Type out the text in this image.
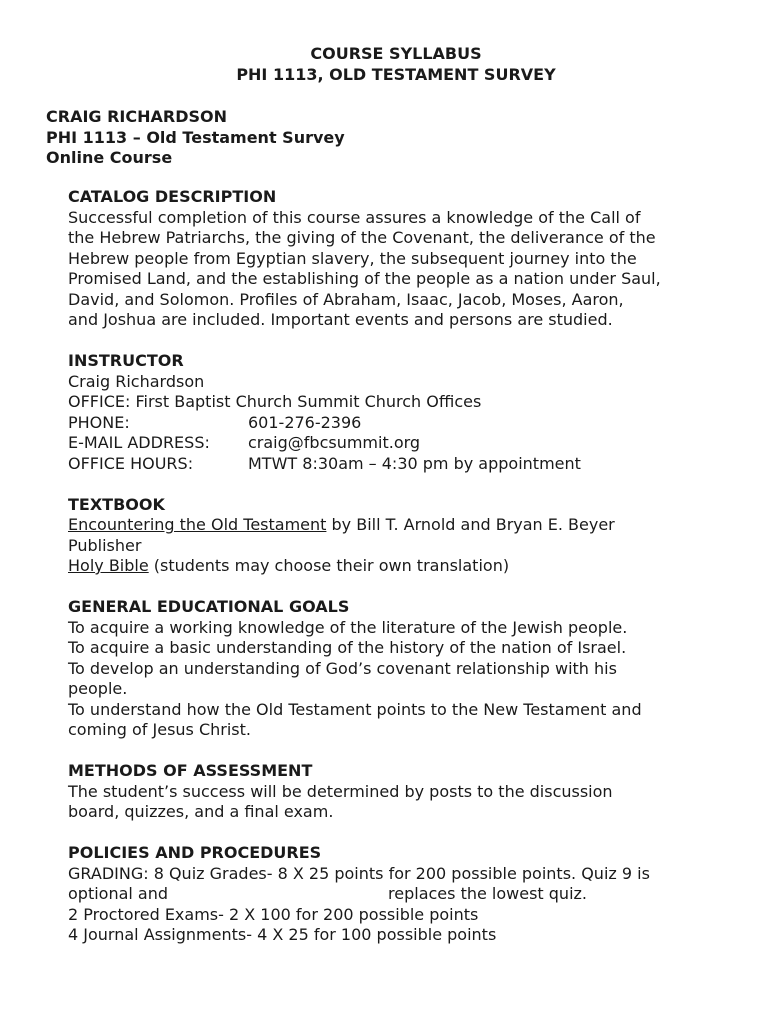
COURSE SYLLABUS
PHI 1113, OLD TESTAMENT SURVEY
CRAIG RICHARDSON
PHI 1113 – Old Testament Survey
Online Course
CATALOG DESCRIPTION
Successful completion of this course assures a knowledge of the Call of
the Hebrew Patriarchs, the giving of the Covenant, the deliverance of the
Hebrew people from Egyptian slavery, the subsequent journey into the
Promised Land, and the establishing of the people as a nation under Saul,
David, and Solomon. Profiles of Abraham, Isaac, Jacob, Moses, Aaron,
and Joshua are included. Important events and persons are studied.
INSTRUCTOR
Craig Richardson
OFFICE: First Baptist Church Summit Church Offices
PHONE:	601-276-2396
E-MAIL ADDRESS: craig@fbcsummit.org
OFFICE HOURS:	MTWT 8:30am – 4:30 pm by appointment
TEXTBOOK
Encountering the Old Testament by Bill T. Arnold and Bryan E. Beyer
Publisher
Holy Bible (students may choose their own translation)
GENERAL EDUCATIONAL GOALS
To acquire a working knowledge of the literature of the Jewish people.
To acquire a basic understanding of the history of the nation of Israel.
To develop an understanding of God’s covenant relationship with his
people.
To understand how the Old Testament points to the New Testament and
coming of Jesus Christ.
METHODS OF ASSESSMENT
The student’s success will be determined by posts to the discussion
board, quizzes, and a final exam.
POLICIES AND PROCEDURES
GRADING: 8 Quiz Grades- 8 X 25 points for 200 possible points. Quiz 9 is
optional and	replaces the lowest quiz.
2 Proctored Exams- 2 X 100 for 200 possible points
4 Journal Assignments- 4 X 25 for 100 possible points
